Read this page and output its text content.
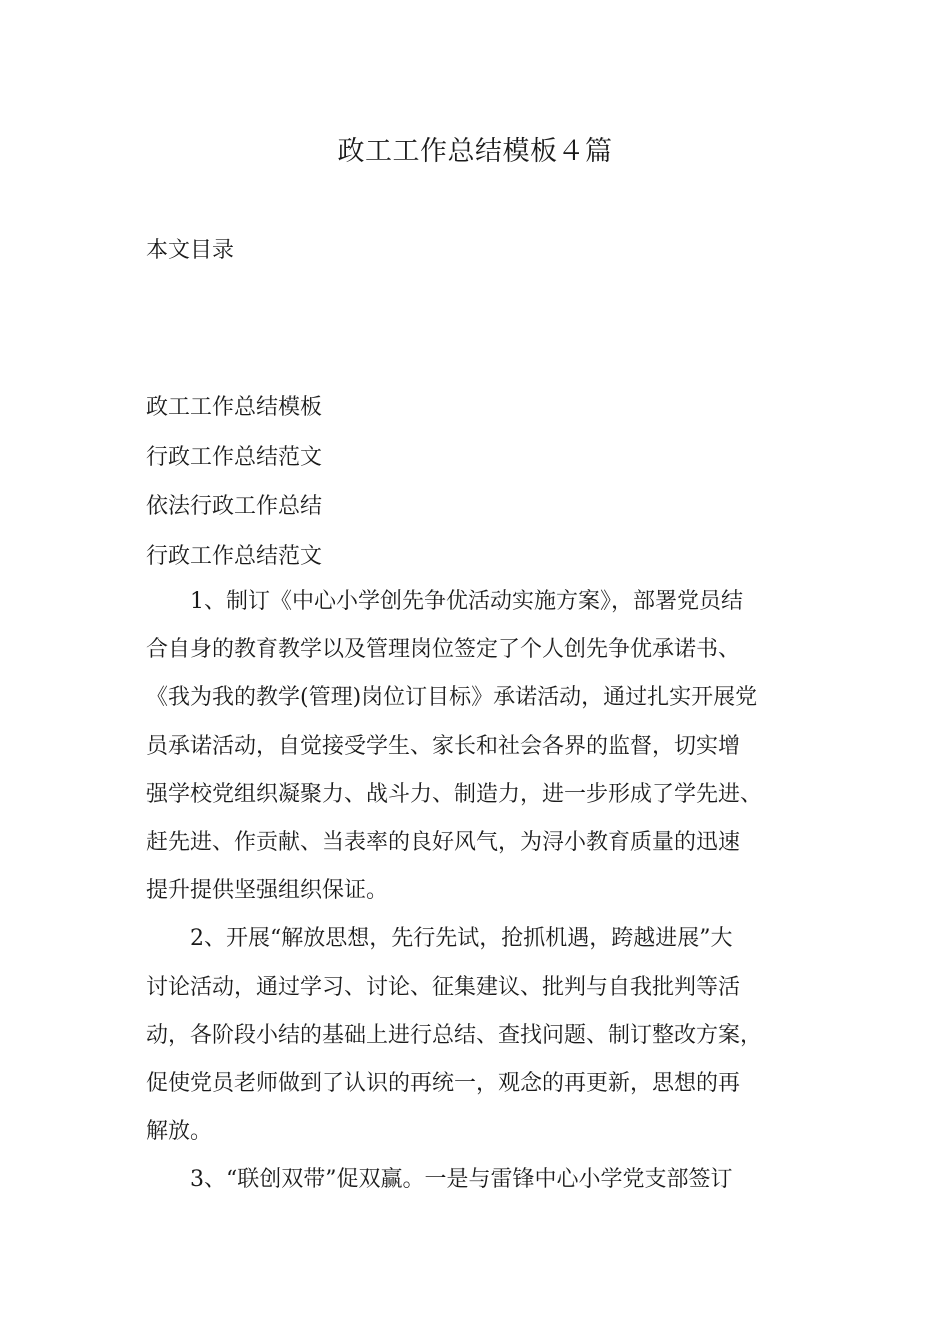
政工工作总结模板４篇
本文目录
政工工作总结模板
行政工作总结范文
依法行政工作总结
行政工作总结范文
1、制订《中心小学创先争优活动实施方案》，部署党员结
合自身的教育教学以及管理岗位签定了个人创先争优承诺书、
《我为我的教学(管理)岗位订目标》承诺活动，通过扎实开展党
员承诺活动，自觉接受学生、家长和社会各界的监督，切实增
强学校党组织凝聚力、战斗力、制造力，进一步形成了学先进、
赶先进、作贡献、当表率的良好风气，为浔小教育质量的迅速
提升提供坚强组织保证。
2、开展“解放思想，先行先试，抢抓机遇，跨越进展”大
讨论活动，通过学习、讨论、征集建议、批判与自我批判等活
动，各阶段小结的基础上进行总结、查找问题、制订整改方案，
促使党员老师做到了认识的再统一，观念的再更新，思想的再
解放。
3、“联创双带”促双赢。一是与雷锋中心小学党支部签订
